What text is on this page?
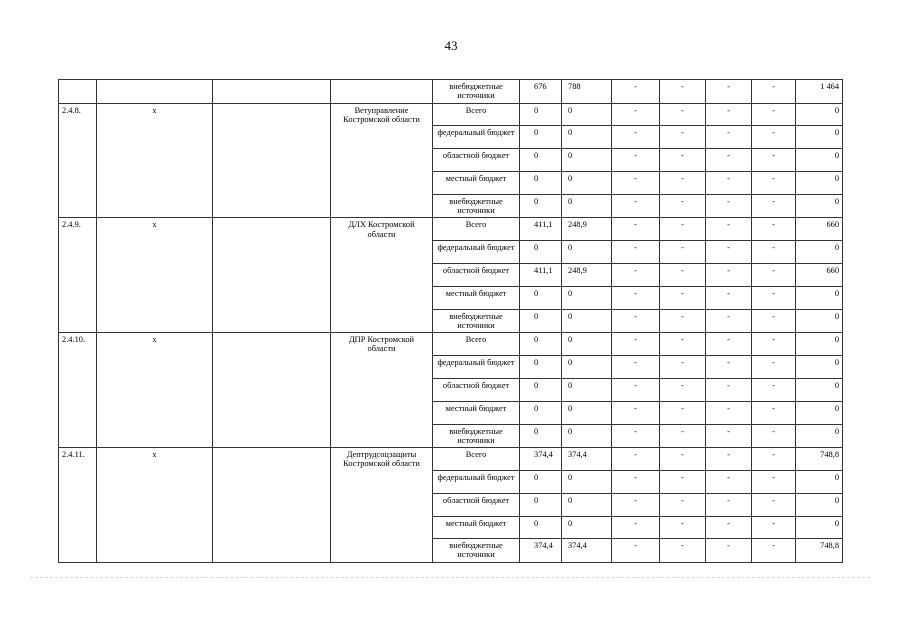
43
				внебюджетные источники	676	788	-	-	-	-	1 464
2.4.8.	х		Ветуправление Костромской области	Всего	0	0	-	-	-	-	0
				федеральный бюджет	0	0	-	-	-	-	0
				областной бюджет	0	0	-	-	-	-	0
				местный бюджет	0	0	-	-	-	-	0
				внебюджетные источники	0	0	-	-	-	-	0
2.4.9.	х		ДЛХ Костромской области	Всего	411,1	248,9	-	-	-	-	660
				федеральный бюджет	0	0	-	-	-	-	0
				областной бюджет	411,1	248,9	-	-	-	-	660
				местный бюджет	0	0	-	-	-	-	0
				внебюджетные источники	0	0	-	-	-	-	0
2.4.10.	х		ДПР Костромской области	Всего	0	0	-	-	-	-	0
				федеральный бюджет	0	0	-	-	-	-	0
				областной бюджет	0	0	-	-	-	-	0
				местный бюджет	0	0	-	-	-	-	0
				внебюджетные источники	0	0	-	-	-	-	0
2.4.11.	х		Дептрудсоцзащиты Костромской области	Всего	374,4	374,4	-	-	-	-	748,8
				федеральный бюджет	0	0	-	-	-	-	0
				областной бюджет	0	0	-	-	-	-	0
				местный бюджет	0	0	-	-	-	-	0
				внебюджетные источники	374,4	374,4	-	-	-	-	748,8
